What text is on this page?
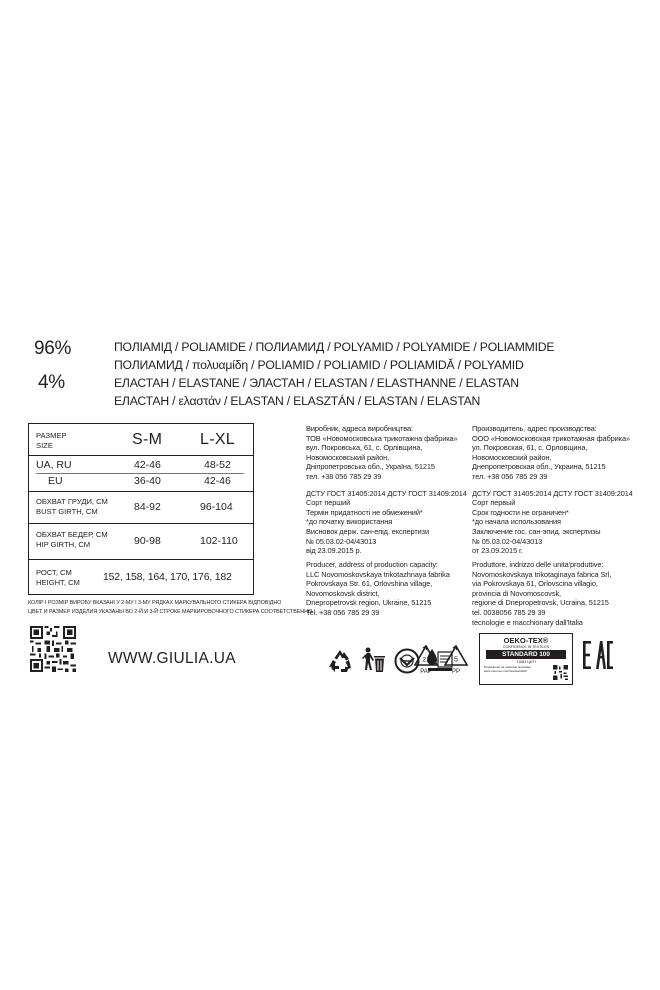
96%	ПОЛІАМІД / POLIAMIDE / ПОЛИАМИД / POLYAMID / POLYAMIDE / POLIAMMIDE
ПОЛИАМИД / πολυαμίδη / POLIAMID / POLIAMID / POLIAMIDĂ / POLYAMID
4%	ЕЛАСТАН / ELASTANE / ЭЛАСТАН / ELASTAN / ELASTHANNE / ELASTAN
ЕЛАСТАН / ελαστάν / ELASTAN / ELASZTÁN / ELASTAN / ELASTAN
РАЗМЕР
SIZE	S-M L-XL
UA, RU	42-46	48-52
EU	36-40	42-46
ОБХВАТ ГРУДИ, СМ
BUST GIRTH, СМ	84-92	96-104
ОБХВАТ БЕДЕР, СМ
HIP GIRTH, СМ	90-98	102-110
РОСТ, СМ
HEIGHT, СМ 152, 158, 164, 170, 176, 182
КОЛІР І РОЗМІР ВИРОБУ ВКАЗАНІ У 2-МУ І 3-МУ РЯДКАХ МАРКУВАЛЬНОГО СТИКЕРА ВІДПОВІДНО
ЦВЕТ И РАЗМЕР ИЗДЕЛИЯ УКАЗАНЫ ВО 2-Й И 3-Й СТРОКЕ МАРКИРОВОЧНОГО СТИКЕРА СООТВЕТСТВЕННО
WWW.GIULIA.UA
Виробник, адреса виробництва:
ТОВ «Новомосковська трикотажна фабрика»
вул. Покровська, 61, с. Орлівщина,
Новомосковський район,
Дніпропетровська обл., Україна, 51215
тел. +38 056 785 29 39
ДСТУ ГОСТ 31405:2014 ДСТУ ГОСТ 31409:2014
Сорт перший
Термін придатності не обмежений*
*до початку використання
Висновок держ. сан-епід. експертизи
№ 05.03.02-04/43013
від 23.09.2015 р.
Производитель, адрес производства:
ООО «Новомосковская трикотажная фабрика»
ул. Покровская, 61, с. Орловщина,
Новомосковский район,
Днепропетровская обл., Украина, 51215
тел. +38 056 785 29 39
ДСТУ ГОСТ 31405:2014 ДСТУ ГОСТ 31409:2014
Сорт первый
Срок годности не ограничен*
*до начала использования
Заключение гос. сан-эпид. экспертизы
№ 05.03.02-04/43013
от 23.09.2015 г.
Producer, address of production capacity:
LLC Novomoskovskaya trikotazhnaya fabrika
Pokrovskaya Str. 61, Orlovshina village,
Novomoskovsk district,
Dnepropetrovsk region, Ukraine, 51215
Tel. +38 056 785 29 39
Produttore, indrizzo delle unita'produttive:
Novomoskovskaya trikotaginaya fabrica Srl,
via Pokrovskaya 61, Orlovscina villagio,
provincia di Novomoscovsk,
regione di Dnepropetrovsk, Ucraina, 51215
tel. 0038056 785 29 39
tecnologie e macchionary dall'Italia
21
PAP
5
PP
OEKO-TEX®
CONFIDENCE IN TEXTILES
STANDARD 100
71683 ЦНТІ
Перевірено на шкідливі речовини www.oeko-tex.com/standard100
